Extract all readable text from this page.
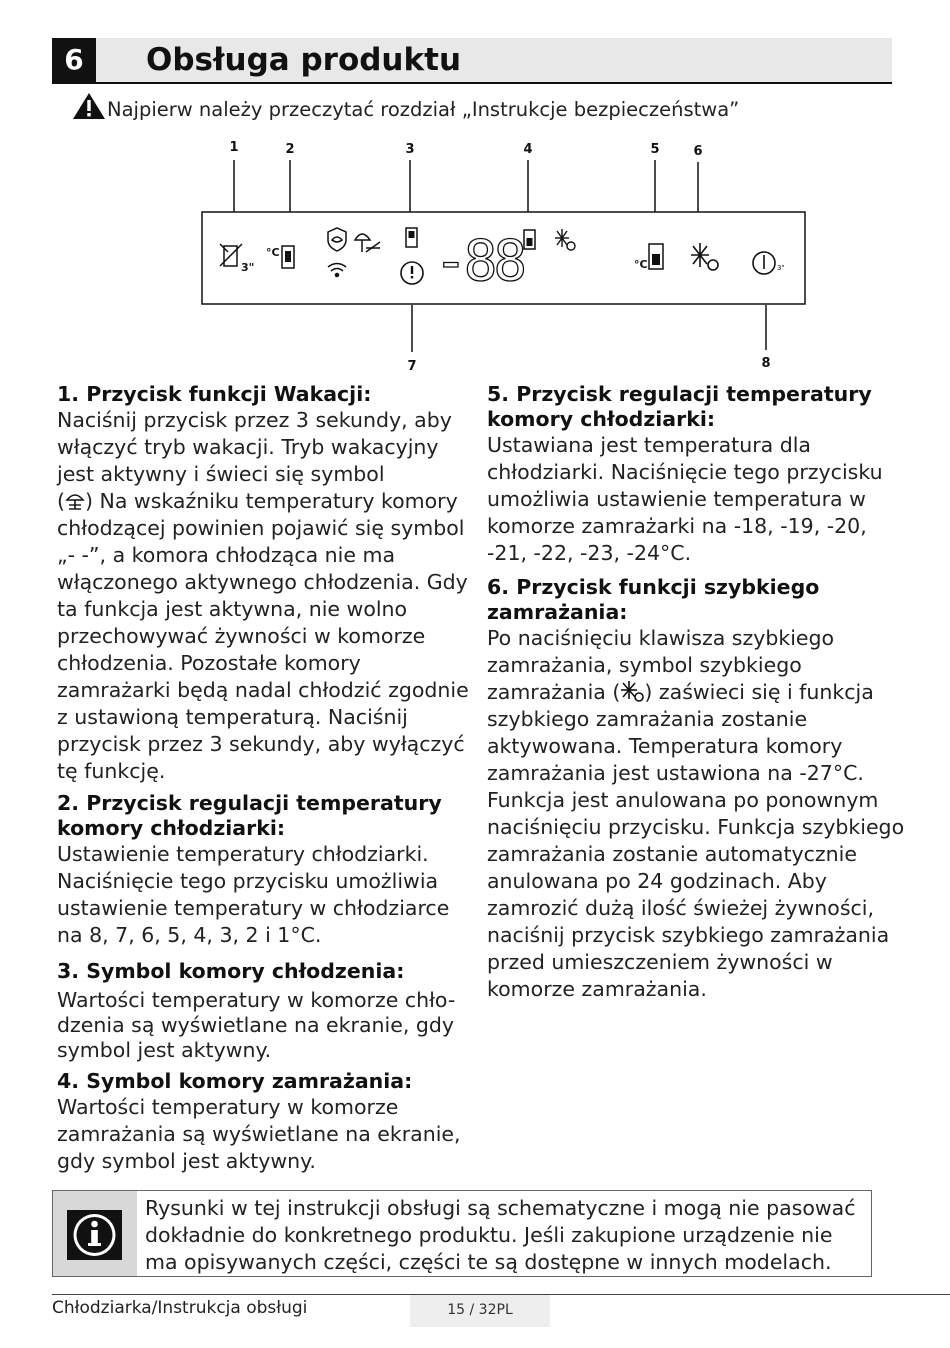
6	Obsługa produktu
Najpierw należy przeczytać rozdział „Instrukcje bezpieczeństwa”
1	2	3	4	5	6
7	8
3"
°C	-88	°C	3"
1. Przycisk funkcji Wakacji:

Naciśnij przycisk przez 3 sekundy, aby włączyć tryb wakacji. Tryb wakacyjny jest aktywny i świeci się symbol
( ) Na wskaźniku temperatury komory chłodzącej powinien pojawić się symbol „- -”, a komora chłodząca nie ma włączonego aktywnego chłodzenia. Gdy ta funkcja jest aktywna, nie wolno przechowywać żywności w komorze chłodzenia. Pozostałe komory zamrażarki będą nadal chłodzić zgodnie z ustawioną temperaturą. Naciśnij przycisk przez 3 sekundy, aby wyłączyć tę funkcję.

2. Przycisk regulacji temperatury komory chłodziarki:

Ustawienie temperatury chłodziarki. Naciśnięcie tego przycisku umożliwia ustawienie temperatury w chłodziarce na 8, 7, 6, 5, 4, 3, 2 i 1°C.

3. Symbol komory chłodzenia:

Wartości temperatury w komorze chło-dzenia są wyświetlane na ekranie, gdy symbol jest aktywny.

4. Symbol komory zamrażania:

Wartości temperatury w komorze zamrażania są wyświetlane na ekranie, gdy symbol jest aktywny.

5. Przycisk regulacji temperatury komory chłodziarki:

Ustawiana jest temperatura dla chłodziarki. Naciśnięcie tego przycisku umożliwia ustawienie temperatura w komorze zamrażarki na -18, -19, -20, -21, -22, -23, -24°C.

6. Przycisk funkcji szybkiego zamrażania:

Po naciśnięciu klawisza szybkiego zamrażania, symbol szybkiego zamrażania ( ) zaświeci się i funkcja szybkiego zamrażania zostanie aktywowana. Temperatura komory zamrażania jest ustawiona na -27°C. Funkcja jest anulowana po ponownym naciśnięciu przycisku. Funkcja szybkiego zamrażania zostanie automatycznie anulowana po 24 godzinach. Aby zamrozić dużą ilość świeżej żywności, naciśnij przycisk szybkiego zamrażania przed umieszczeniem żywności w komorze zamrażania.

Rysunki w tej instrukcji obsługi są schematyczne i mogą nie pasować dokładnie do konkretnego produktu. Jeśli zakupione urządzenie nie ma opisywanych części, części te są dostępne w innych modelach.
Chłodziarka/Instrukcja obsługi	15 / 32PL
